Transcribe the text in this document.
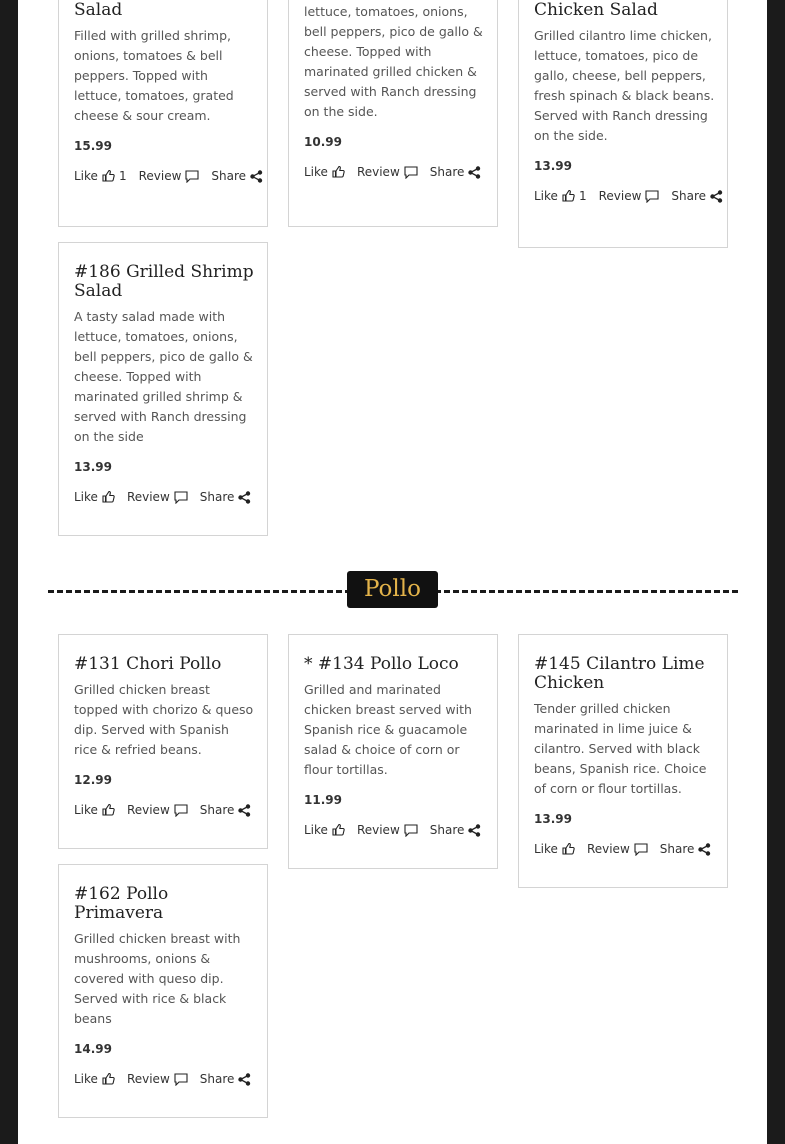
Salad

Filled with grilled shrimp, onions, tomatoes & bell peppers. Topped with lettuce, tomatoes, grated cheese & sour cream.

15.99
Like 1 Review	Share

lettuce, tomatoes, onions, bell peppers, pico de gallo & cheese. Topped with marinated grilled chicken & served with Ranch dressing on the side.

10.99
Like Review	Share
Chicken Salad

Grilled cilantro lime chicken, lettuce, tomatoes, pico de gallo, cheese, bell peppers, fresh spinach & black beans. Served with Ranch dressing on the side.

13.99
Like 1 Review	Share
#186 Grilled Shrimp Salad

A tasty salad made with lettuce, tomatoes, onions, bell peppers, pico de gallo & cheese. Topped with marinated grilled shrimp & served with Ranch dressing on the side

13.99
Like Review	Share
Pollo
#131 Chori Pollo

Grilled chicken breast topped with chorizo & queso dip. Served with Spanish rice & refried beans.

12.99
Like Review	Share
* #134 Pollo Loco

Grilled and marinated chicken breast served with Spanish rice & guacamole salad & choice of corn or flour tortillas.

11.99
Like Review	Share
#145 Cilantro Lime Chicken

Tender grilled chicken marinated in lime juice & cilantro. Served with black beans, Spanish rice. Choice of corn or flour tortillas.

13.99
Like Review	Share
#162 Pollo Primavera

Grilled chicken breast with mushrooms, onions & covered with queso dip. Served with rice & black beans

14.99
Like Review	Share
